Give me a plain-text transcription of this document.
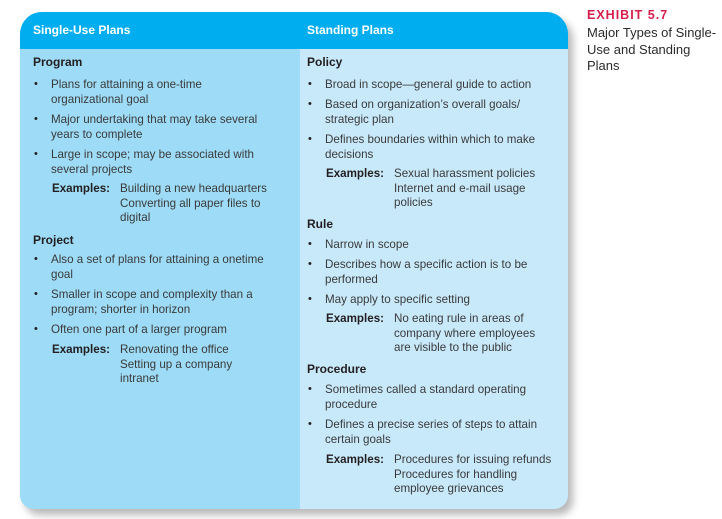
Single-Use Plans	Standing Plans
Program
• Plans for attaining a one-time organizational goal
• Major undertaking that may take several years to complete
• Large in scope; may be associated with several projects
Examples: Building a new headquarters
Converting all paper files to digital
Project
• Also a set of plans for attaining a onetime goal
• Smaller in scope and complexity than a program; shorter in horizon
• Often one part of a larger program
Examples: Renovating the office
Setting up a company intranet
Policy
• Broad in scope—general guide to action
• Based on organization’s overall goals/ strategic plan
• Defines boundaries within which to make decisions
Examples: Sexual harassment policies
Internet and e-mail usage policies
Rule
• Narrow in scope
• Describes how a specific action is to be performed
• May apply to specific setting
Examples: No eating rule in areas of company where employees are visible to the public
Procedure
• Sometimes called a standard operating procedure
• Defines a precise series of steps to attain certain goals
Examples: Procedures for issuing refunds
Procedures for handling employee grievances
EXHIBIT 5.7
Major Types of Single-Use and Standing Plans
